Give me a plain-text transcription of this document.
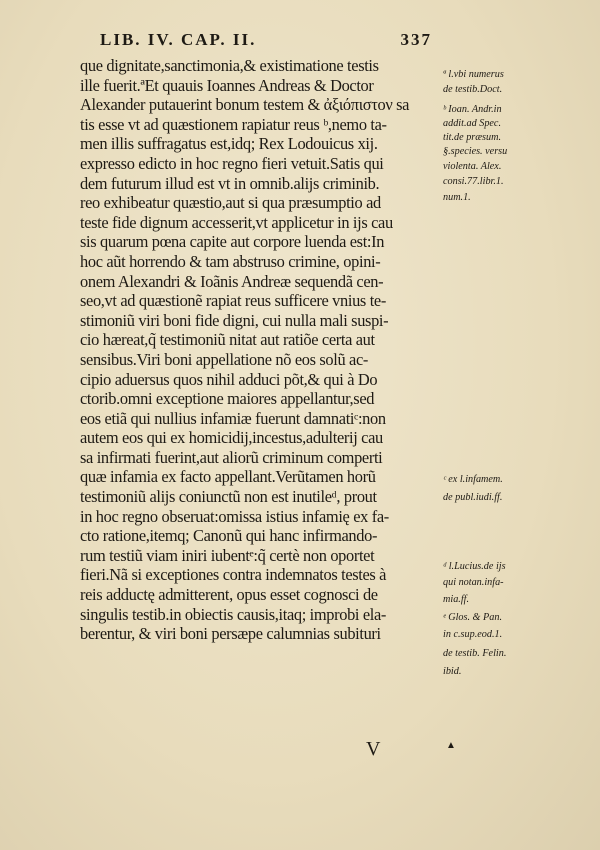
LIB. IV. CAP. II.	337
que dignitate,sanctimonia,& existimatione testis
ille fuerit.ªEt quauis Ioannes Andreas & Doctor
Alexander putauerint bonum testem & ἀξιόπιστον sa
tis esse vt ad quæstionem rapiatur reus ᵇ,nemo ta-
men illis suffragatus est,idq; Rex Lodouicus xij.
expresso edicto in hoc regno fieri vetuit.Satis qui
dem futurum illud est vt in omnib.alijs criminib.
reo exhibeatur quæstio,aut si qua præsumptio ad
teste fide dignum accesserit,vt applicetur in ijs cau
sis quarum pœna capite aut corpore luenda est:In
hoc aũt horrendo & tam abstruso crimine, opini-
onem Alexandri & Ioãnis Andreæ sequendã cen-
seo,vt ad quæstionẽ rapiat reus sufficere vnius te-
stimoniũ viri boni fide digni, cui nulla mali suspi-
cio hæreat,q̃ testimoniũ nitat aut ratiõe certa aut
sensibus.Viri boni appellatione nõ eos solũ ac-
cipio aduersus quos nihil adduci põt,& qui à Do
ctorib.omni exceptione maiores appellantur,sed
eos etiã qui nullius infamiæ fuerunt damnatiᶜ:non
autem eos qui ex homicidij,incestus,adulterij cau
sa infirmati fuerint,aut aliorũ criminum comperti
quæ infamia ex facto appellant.Verũtamen horũ
testimoniũ alijs coniunctũ non est inutileᵈ, prout
in hoc regno obseruat:omissa istius infamię ex fa-
cto ratione,itemq; Canonũ qui hanc infirmando-
rum testiũ viam iniri iubentᵉ:q̃ certè non oportet
fieri.Nã si exceptiones contra indemnatos testes à
reis adductę admitterent, opus esset cognosci de
singulis testib.in obiectis causis,itaq; improbi ela-
berentur, & viri boni persæpe calumnias subituri
ª l.vbi numerus
de testib.Doct.
ᵇ Ioan. Andr.in
addit.ad Spec.
tit.de præsum.
§.species. versu
violenta. Alex.
consi.77.libr.1.
num.1.
ᶜ ex l.infamem.
de publ.iudi.ff.
ᵈ l.Lucius.de ijs
qui notan.infa-
mia.ff.
ᵉ Glos. & Pan.
in c.sup.eod.1.
de testib. Felin.
ibid.
V	▲
